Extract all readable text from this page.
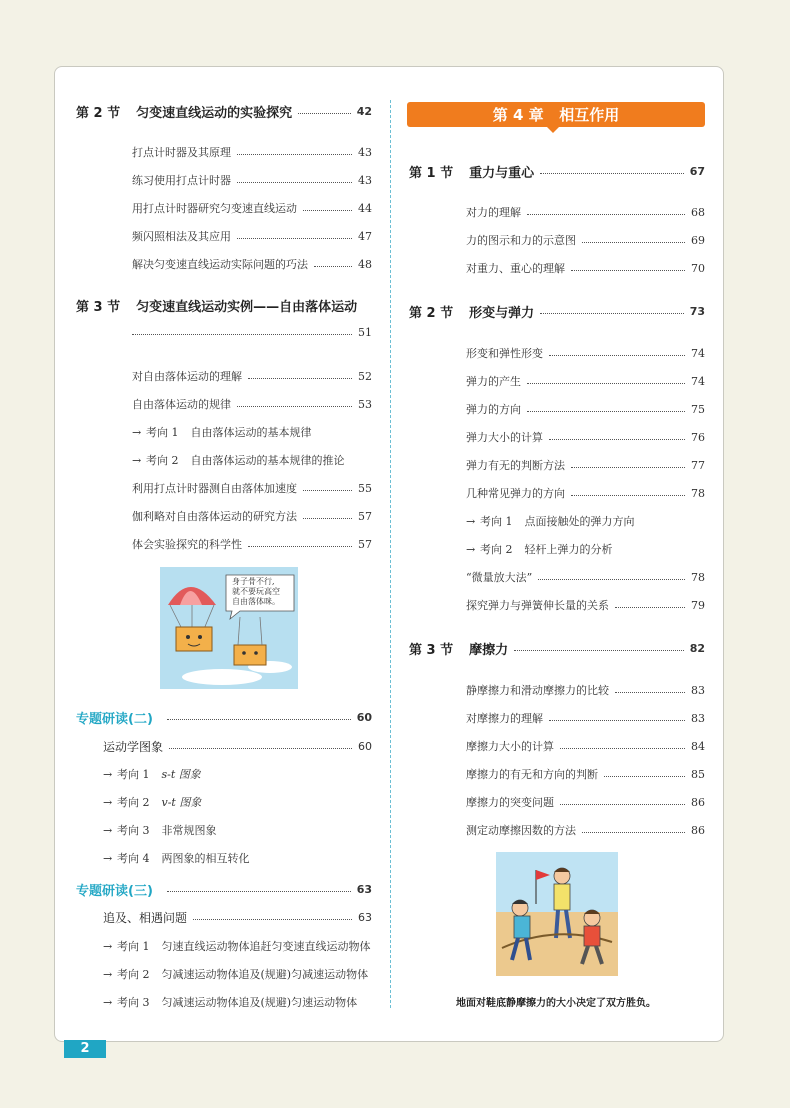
第 2 节 匀变速直线运动的实验探究	42
打点计时器及其原理	43
练习使用打点计时器	43
用打点计时器研究匀变速直线运动	44
频闪照相法及其应用	47
解决匀变速直线运动实际问题的巧法	48
第 3 节 匀变速直线运动实例——自由落体运动
51
对自由落体运动的理解	52
自由落体运动的规律	53
→ 考向 1 自由落体运动的基本规律
→ 考向 2 自由落体运动的基本规律的推论
利用打点计时器测自由落体加速度	55
伽利略对自由落体运动的研究方法	57
体会实验探究的科学性	57
身子骨不行,
就不要玩高空
自由落体咪。
专题研读(二)	60
运动学图象	60
→ 考向 1 s-t 图象
→ 考向 2 v-t 图象
→ 考向 3 非常规图象
→ 考向 4 两图象的相互转化
专题研读(三)	63
追及、相遇问题	63
→ 考向 1 匀速直线运动物体追赶匀变速直线运动物体
→ 考向 2 匀减速运动物体追及(规避)匀减速运动物体
→ 考向 3 匀减速运动物体追及(规避)匀速运动物体
第 4 章   相互作用
第 1 节 重力与重心	67
对力的理解	68
力的图示和力的示意图	69
对重力、重心的理解	70
第 2 节 形变与弹力	73
形变和弹性形变	74
弹力的产生	74
弹力的方向	75
弹力大小的计算	76
弹力有无的判断方法	77
几种常见弹力的方向	78
→ 考向 1 点面接触处的弹力方向
→ 考向 2 轻杆上弹力的分析
“微量放大法”	78
探究弹力与弹簧伸长量的关系	79
第 3 节 摩擦力	82
静摩擦力和滑动摩擦力的比较	83
对摩擦力的理解	83
摩擦力大小的计算	84
摩擦力的有无和方向的判断	85
摩擦力的突变问题	86
测定动摩擦因数的方法	86
地面对鞋底静摩擦力的大小决定了双方胜负。
2
